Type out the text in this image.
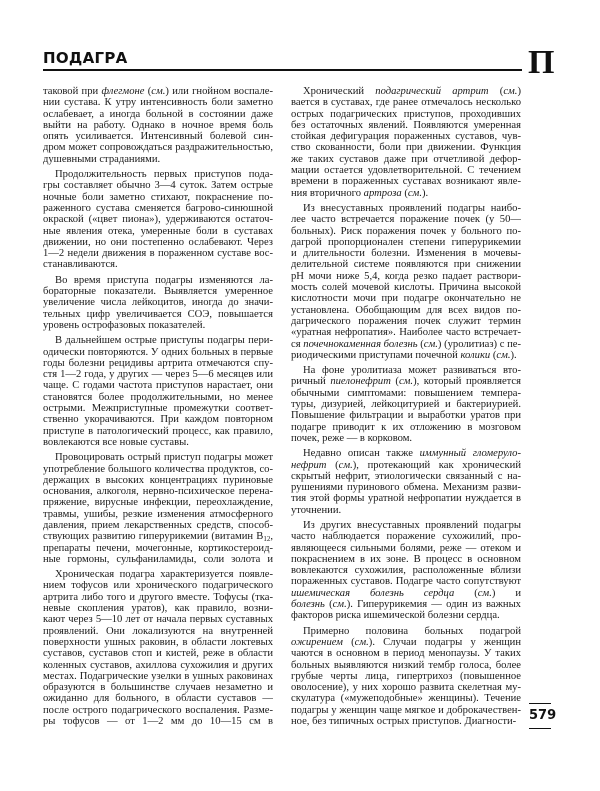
ПОДАГРА	П
таковой при флегмоне (см.) или гнойном воспале-
нии сустава. К утру интенсивность боли заметно
ослабевает, а иногда больной в состоянии даже
выйти на работу. Однако в ночное время боль
опять усиливается. Интенсивный болевой син-
дром может сопровождаться раздражительностью,
душевными страданиями.
Продолжительность первых приступов пода-
гры составляет обычно 3—4 суток. Затем острые
ночные боли заметно стихают, покраснение по-
раженного сустава сменяется багрово-синюшной
окраской («цвет пиона»), удерживаются остаточ-
ные явления отека, умеренные боли в суставах
движении, но они постепенно ослабевают. Через
1—2 недели движения в пораженном суставе вос-
станавливаются.
Во время приступа подагры изменяются ла-
бораторные показатели. Выявляется умеренное
увеличение числа лейкоцитов, иногда до значи-
тельных цифр увеличивается СОЭ, повышается
уровень острофазовых показателей.
В дальнейшем острые приступы подагры пери-
одически повторяются. У одних больных в первые
годы болезни рецидивы артрита отмечаются спу-
стя 1—2 года, у других — через 5—6 месяцев или
чаще. С годами частота приступов нарастает, они
становятся более продолжительными, но менее
острыми. Межприступные промежутки соответ-
ственно укорачиваются. При каждом повторном
приступе в патологический процесс, как правило,
вовлекаются все новые суставы.
Провоцировать острый приступ подагры может
употребление большого количества продуктов, со-
держащих в высоких концентрациях пуриновые
основания, алкоголя, нервно-психическое перена-
пряжение, вирусные инфекции, переохлаждение,
травмы, ушибы, резкие изменения атмосферного
давления, прием лекарственных средств, способ-
ствующих развитию гиперурикемии (витамин $B_{12}$,
препараты печени, мочегонные, кортикостероид-
ные гормоны, сульфаниламиды, соли золота и
Хроническая подагра характеризуется появле-
нием тофусов или хронического подагрического
артрита либо того и другого вместе. Тофусы (тка-
невые скопления уратов), как правило, возни-
кают через 5—10 лет от начала первых суставных
проявлений. Они локализуются на внутренней
поверхности ушных раковин, в области локтевых
суставов, суставов стоп и кистей, реже в области
коленных суставов, ахиллова сухожилия и других
местах. Подагрические узелки в ушных раковинах
образуются в большинстве случаев незаметно и
ожиданно для больного, в области суставов —
после острого подагрического воспаления. Разме-
ры тофусов — от 1—2 мм до 10—15 см в
Хронический подагрический артрит (см.)
вается в суставах, где ранее отмечалось несколько
острых подагрических приступов, проходивших
без остаточных явлений. Появляются умеренная
стойкая дефигурация пораженных суставов, чув-
ство скованности, боли при движении. Функция
же таких суставов даже при отчетливой дефор-
мации остается удовлетворительной. С течением
времени в пораженных суставах возникают явле-
ния вторичного артроза (см.).
Из внесуставных проявлений подагры наибо-
лее часто встречается поражение почек (у 50—
больных). Риск поражения почек у больного по-
дагрой пропорционален степени гиперурикемии
и длительности болезни. Изменения в мочевы-
делительной системе появляются при снижении
pH мочи ниже 5,4, когда резко падает раствори-
мость солей мочевой кислоты. Причина высокой
кислотности мочи при подагре окончательно не
установлена. Обобщающим для всех видов по-
дагрического поражения почек служит термин
«уратная нефропатия». Наиболее часто встречает-
ся почечнокаменная болезнь (см.) (уролитиаз) с пе-
риодическими приступами почечной колики (см.).
На фоне уролитиаза может развиваться вто-
ричный пиелонефрит (см.), который проявляется
обычными симптомами: повышением темпера-
туры, дизурией, лейкоцитурией и бактериурией.
Повышение фильтрации и выработки уратов при
подагре приводит к их отложению в мозговом
почек, реже — в корковом.
Недавно описан также иммунный гломеруло-
нефрит (см.), протекающий как хронический
скрытый нефрит, этиологически связанный с на-
рушениями пуринового обмена. Механизм разви-
тия этой формы уратной нефропатии нуждается в
уточнении.
Из других внесуставных проявлений подагры
часто наблюдается поражение сухожилий, про-
являющееся сильными болями, реже — отеком и
покраснением в их зоне. В процесс в основном
вовлекаются сухожилия, расположенные вблизи
пораженных суставов. Подагре часто сопутствуют
ишемическая болезнь сердца (см.) и
болезнь (см.). Гиперурикемия — один из важных
факторов риска ишемической болезни сердца.
Примерно половина больных подагрой
ожирением (см.). Случаи подагры у женщин
чаются в основном в период менопаузы. У таких
больных выявляются низкий тембр голоса, более
грубые черты лица, гипертрихоз (повышенное
оволосение), у них хорошо развита скелетная му-
скулатура («мужеподобные» женщины). Течение
подагры у женщин чаще мягкое и доброкачествен-
ное, без типичных острых приступов. Диагности- 579
